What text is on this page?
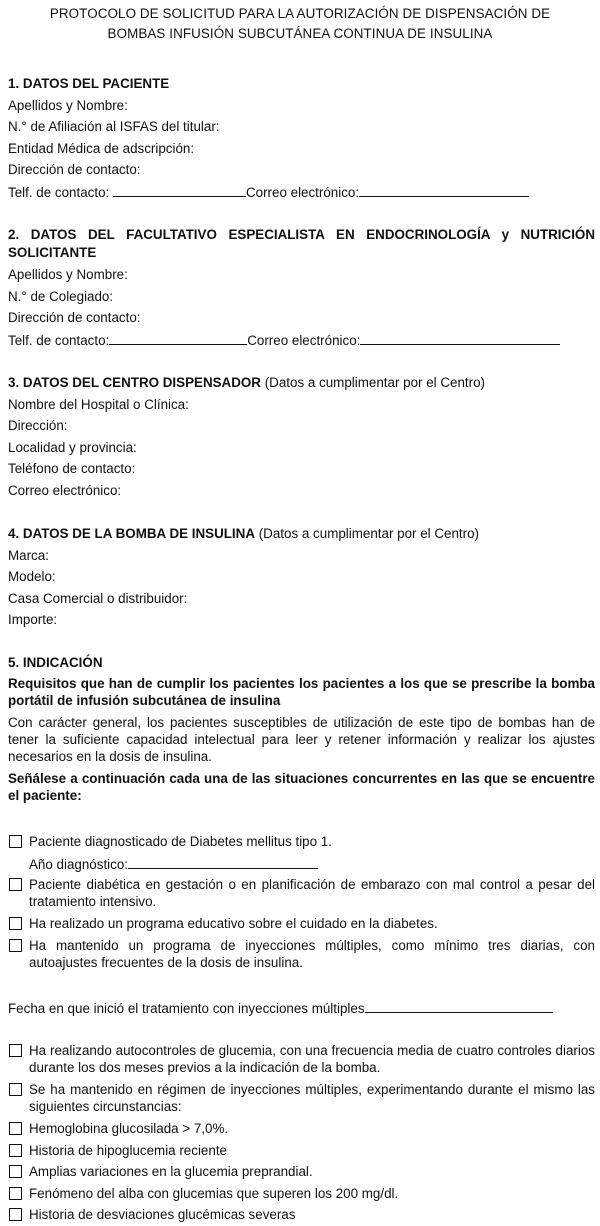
PROTOCOLO DE SOLICITUD PARA LA AUTORIZACIÓN DE DISPENSACIÓN DE
BOMBAS INFUSIÓN SUBCUTÁNEA CONTINUA DE INSULINA
1. DATOS DEL PACIENTE
Apellidos y Nombre:
N.° de Afiliación al ISFAS del titular:
Entidad Médica de adscripción:
Dirección de contacto:
Telf. de contacto:	Correo electrónico:
2. DATOS DEL FACULTATIVO ESPECIALISTA EN ENDOCRINOLOGÍA y NUTRICIÓN
SOLICITANTE
Apellidos y Nombre:
N.° de Colegiado:
Dirección de contacto:
Telf. de contacto:	Correo electrónico:
3. DATOS DEL CENTRO DISPENSADOR (Datos a cumplimentar por el Centro)
Nombre del Hospital o Clínica:
Dirección:
Localidad y provincia:
Teléfono de contacto:
Correo electrónico:
4. DATOS DE LA BOMBA DE INSULINA (Datos a cumplimentar por el Centro)
Marca:
Modelo:
Casa Comercial o distribuidor:
Importe:
5. INDICACIÓN
Requisitos que han de cumplir los pacientes los pacientes a los que se prescribe la bomba portátil de infusión subcutánea de insulina
Con carácter general, los pacientes susceptibles de utilización de este tipo de bombas han de tener la suficiente capacidad intelectual para leer y retener información y realizar los ajustes necesarios en la dosis de insulina.
Señálese a continuación cada una de las situaciones concurrentes en las que se encuentre el paciente:
Paciente diagnosticado de Diabetes mellitus tipo 1.
Año diagnóstico:
Paciente diabética en gestación o en planificación de embarazo con mal control a pesar del tratamiento intensivo.
Ha realizado un programa educativo sobre el cuidado en la diabetes.
Ha mantenido un programa de inyecciones múltiples, como mínimo tres diarias, con autoajustes frecuentes de la dosis de insulina.
Fecha en que inició el tratamiento con inyecciones múltiples
Ha realizando autocontroles de glucemia, con una frecuencia media de cuatro controles diarios durante los dos meses previos a la indicación de la bomba.
Se ha mantenido en régimen de inyecciones múltiples, experimentando durante el mismo las siguientes circunstancias:
Hemoglobina glucosilada > 7,0%.
Historia de hipoglucemia reciente
Amplias variaciones en la glucemia preprandial.
Fenómeno del alba con glucemias que superen los 200 mg/dl.
Historia de desviaciones glucémicas severas
